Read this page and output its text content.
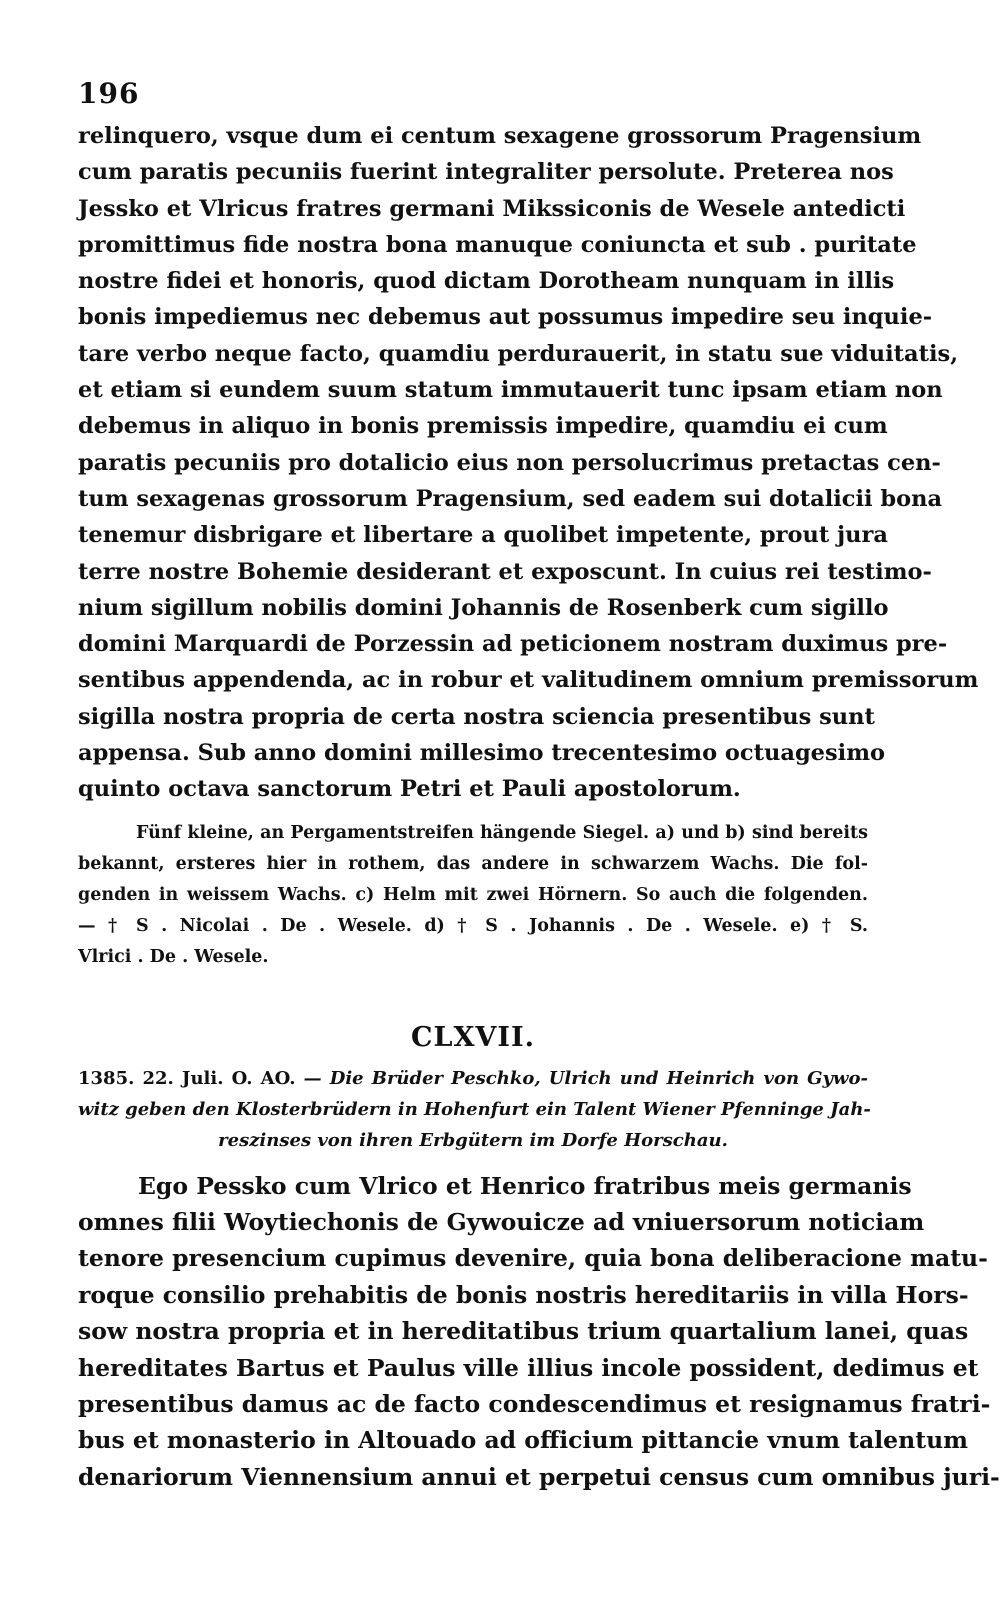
196
relinquero, vsque dum ei centum sexagene grossorum Pragensium
cum paratis pecuniis fuerint integraliter persolute. Preterea nos
Jessko et Vlricus fratres germani Mikssiconis de Wesele antedicti
promittimus fide nostra bona manuque coniuncta et sub . puritate
nostre fidei et honoris, quod dictam Dorotheam nunquam in illis
bonis impediemus nec debemus aut possumus impedire seu inquie-
tare verbo neque facto, quamdiu perdurauerit, in statu sue viduitatis,
et etiam si eundem suum statum immutauerit tunc ipsam etiam non
debemus in aliquo in bonis premissis impedire, quamdiu ei cum
paratis pecuniis pro dotalicio eius non persolucrimus pretactas cen-
tum sexagenas grossorum Pragensium, sed eadem sui dotalicii bona
tenemur disbrigare et libertare a quolibet impetente, prout jura
terre nostre Bohemie desiderant et exposcunt. In cuius rei testimo-
nium sigillum nobilis domini Johannis de Rosenberk cum sigillo
domini Marquardi de Porzessin ad peticionem nostram duximus pre-
sentibus appendenda, ac in robur et valitudinem omnium premissorum
sigilla nostra propria de certa nostra sciencia presentibus sunt
appensa. Sub anno domini millesimo trecentesimo octuagesimo
quinto octava sanctorum Petri et Pauli apostolorum.
Fünf kleine, an Pergamentstreifen hängende Siegel. a) und b) sind bereits
bekannt, ersteres hier in rothem, das andere in schwarzem Wachs. Die fol-
genden in weissem Wachs. c) Helm mit zwei Hörnern. So auch die folgenden.
— † S . Nicolai . De . Wesele. d) † S . Johannis . De . Wesele. e) † S.
Vlrici . De . Wesele.
CLXVII.
1385. 22. Juli. O. AO. — Die Brüder Peschko, Ulrich und Heinrich von Gywo-
witz geben den Klosterbrüdern in Hohenfurt ein Talent Wiener Pfenninge Jah-
reszinses von ihren Erbgütern im Dorfe Horschau.
Ego Pessko cum Vlrico et Henrico fratribus meis germanis
omnes filii Woytiechonis de Gywouicze ad vniuersorum noticiam
tenore presencium cupimus devenire, quia bona deliberacione matu-
roque consilio prehabitis de bonis nostris hereditariis in villa Hors-
sow nostra propria et in hereditatibus trium quartalium lanei, quas
hereditates Bartus et Paulus ville illius incole possident, dedimus et
presentibus damus ac de facto condescendimus et resignamus fratri-
bus et monasterio in Altouado ad officium pittancie vnum talentum
denariorum Viennensium annui et perpetui census cum omnibus juri-
